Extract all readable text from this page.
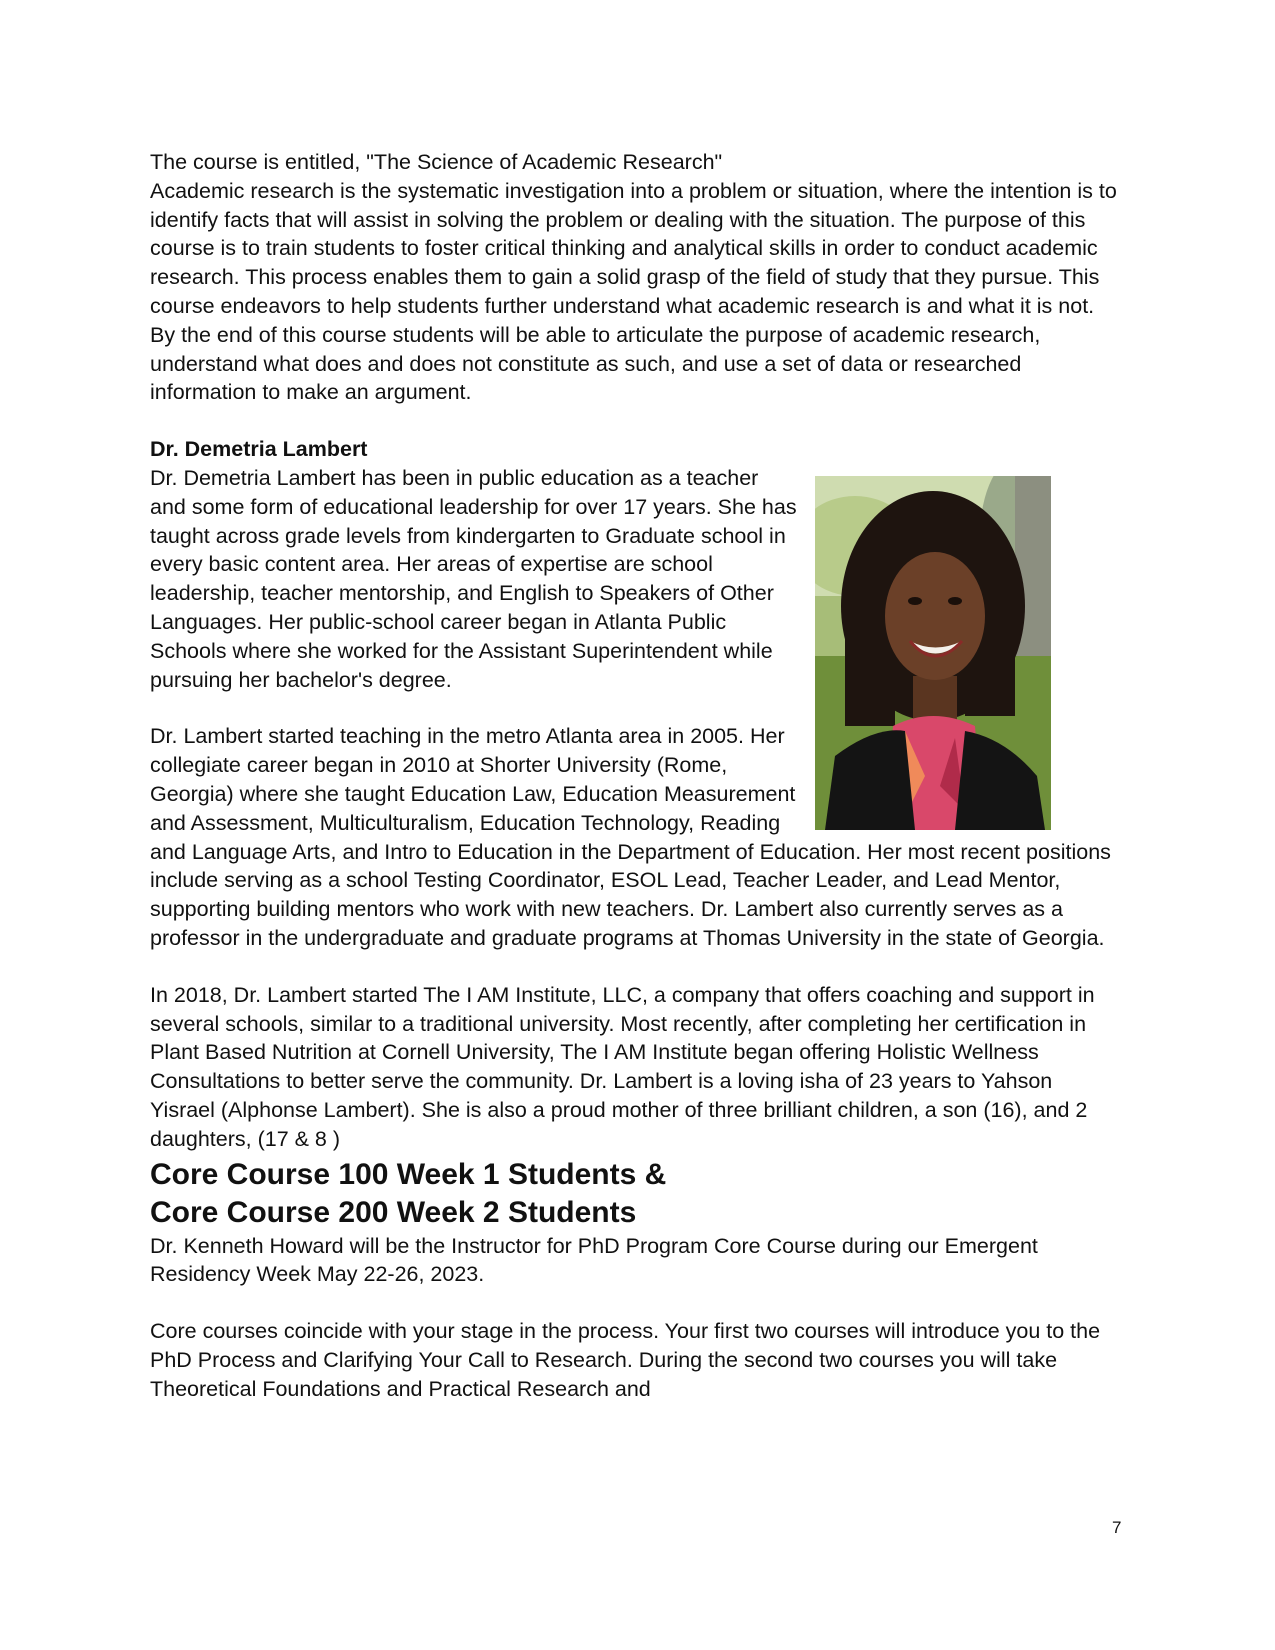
The course is entitled, "The Science of Academic Research"

Academic research is the systematic investigation into a problem or situation, where the intention is to identify facts that will assist in solving the problem or dealing with the situation. The purpose of this course is to train students to foster critical thinking and analytical skills in order to conduct academic research. This process enables them to gain a solid grasp of the field of study that they pursue. This course endeavors to help students further understand what academic research is and what it is not. By the end of this course students will be able to articulate the purpose of academic research, understand what does and does not constitute as such, and use a set of data or researched information to make an argument.

Dr. Demetria Lambert

Dr. Demetria Lambert has been in public education as a teacher and some form of educational leadership for over 17 years. She has taught across grade levels from kindergarten to Graduate school in every basic content area. Her areas of expertise are school leadership, teacher mentorship, and English to Speakers of Other Languages. Her public-school career began in Atlanta Public Schools where she worked for the Assistant Superintendent while pursuing her bachelor's degree.

Dr. Lambert started teaching in the metro Atlanta area in 2005. Her collegiate career began in 2010 at Shorter University (Rome, Georgia) where she taught Education Law, Education Measurement and Assessment, Multiculturalism, Education Technology, Reading and Language Arts, and Intro to Education in the Department of Education. Her most recent positions include serving as a school Testing Coordinator, ESOL Lead, Teacher Leader, and Lead Mentor, supporting building mentors who work with new teachers. Dr. Lambert also currently serves as a professor in the undergraduate and graduate programs at Thomas University in the state of Georgia.

In 2018, Dr. Lambert started The I AM Institute, LLC, a company that offers coaching and support in several schools, similar to a traditional university. Most recently, after completing her certification in Plant Based Nutrition at Cornell University, The I AM Institute began offering Holistic Wellness Consultations to better serve the community. Dr. Lambert is a loving isha of 23 years to Yahson Yisrael (Alphonse Lambert). She is also a proud mother of three brilliant children, a son (16), and 2 daughters, (17 & 8 )

Core Course 100 Week 1 Students &
Core Course 200 Week 2 Students

Dr. Kenneth Howard will be the Instructor for PhD Program Core Course during our Emergent Residency Week May 22-26, 2023.

Core courses coincide with your stage in the process. Your first two courses will introduce you to the PhD Process and Clarifying Your Call to Research. During the second two courses you will take Theoretical Foundations and Practical Research and

7
